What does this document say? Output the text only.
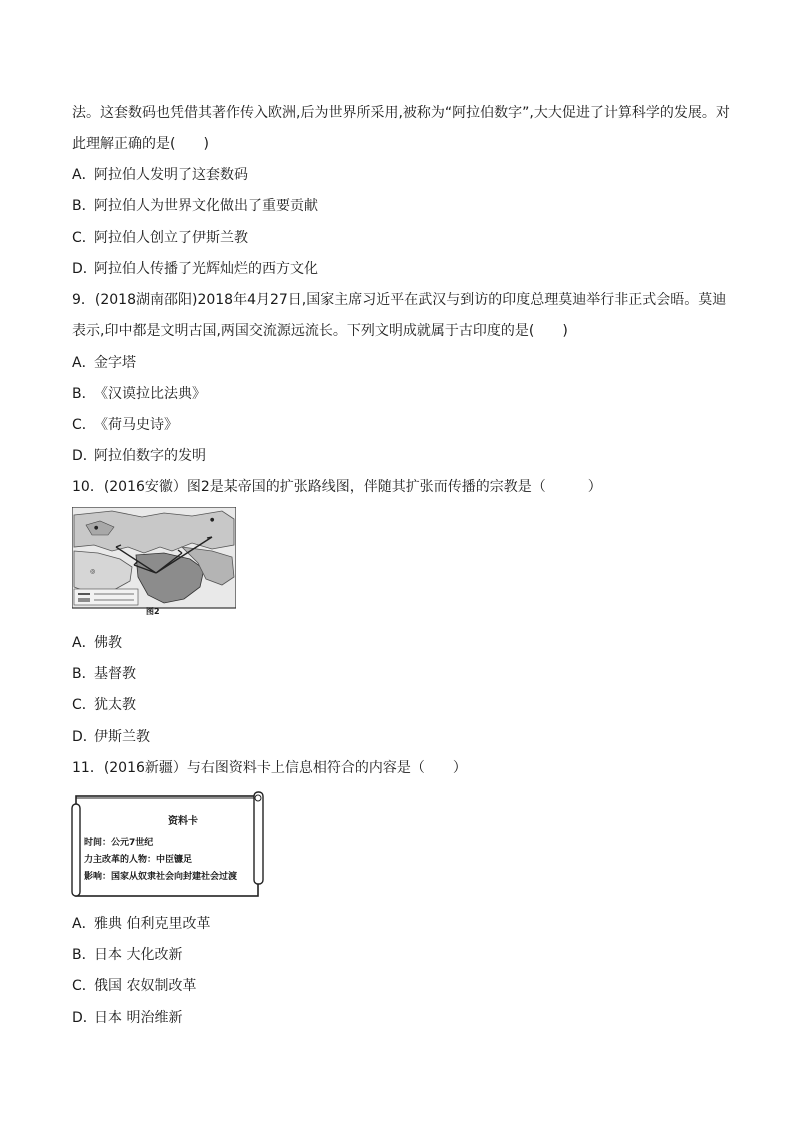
法。这套数码也凭借其著作传入欧洲,后为世界所采用,被称为“阿拉伯数字”,大大促进了计算科学的发展。对
此理解正确的是(　　)
A．阿拉伯人发明了这套数码
B．阿拉伯人为世界文化做出了重要贡献
C．阿拉伯人创立了伊斯兰教
D．阿拉伯人传播了光辉灿烂的西方文化
9．(2018湖南邵阳)2018年4月27日,国家主席习近平在武汉与到访的印度总理莫迪举行非正式会晤。莫迪
表示,印中都是文明古国,两国交流源远流长。下列文明成就属于古印度的是(　　)
A．金字塔
B．《汉谟拉比法典》
C．《荷马史诗》
D．阿拉伯数字的发明
10．(2016安徽）图2是某帝国的扩张路线图，伴随其扩张而传播的宗教是（　　　）
●
●
◎
图2
A．佛教
B．基督教
C．犹太教
D．伊斯兰教
11．(2016新疆）与右图资料卡上信息相符合的内容是（　　）
资料卡
时间：公元7世纪
力主改革的人物：中臣镰足
影响：国家从奴隶社会向封建社会过渡
A．雅典 伯利克里改革
B．日本 大化改新
C．俄国 农奴制改革
D．日本 明治维新
